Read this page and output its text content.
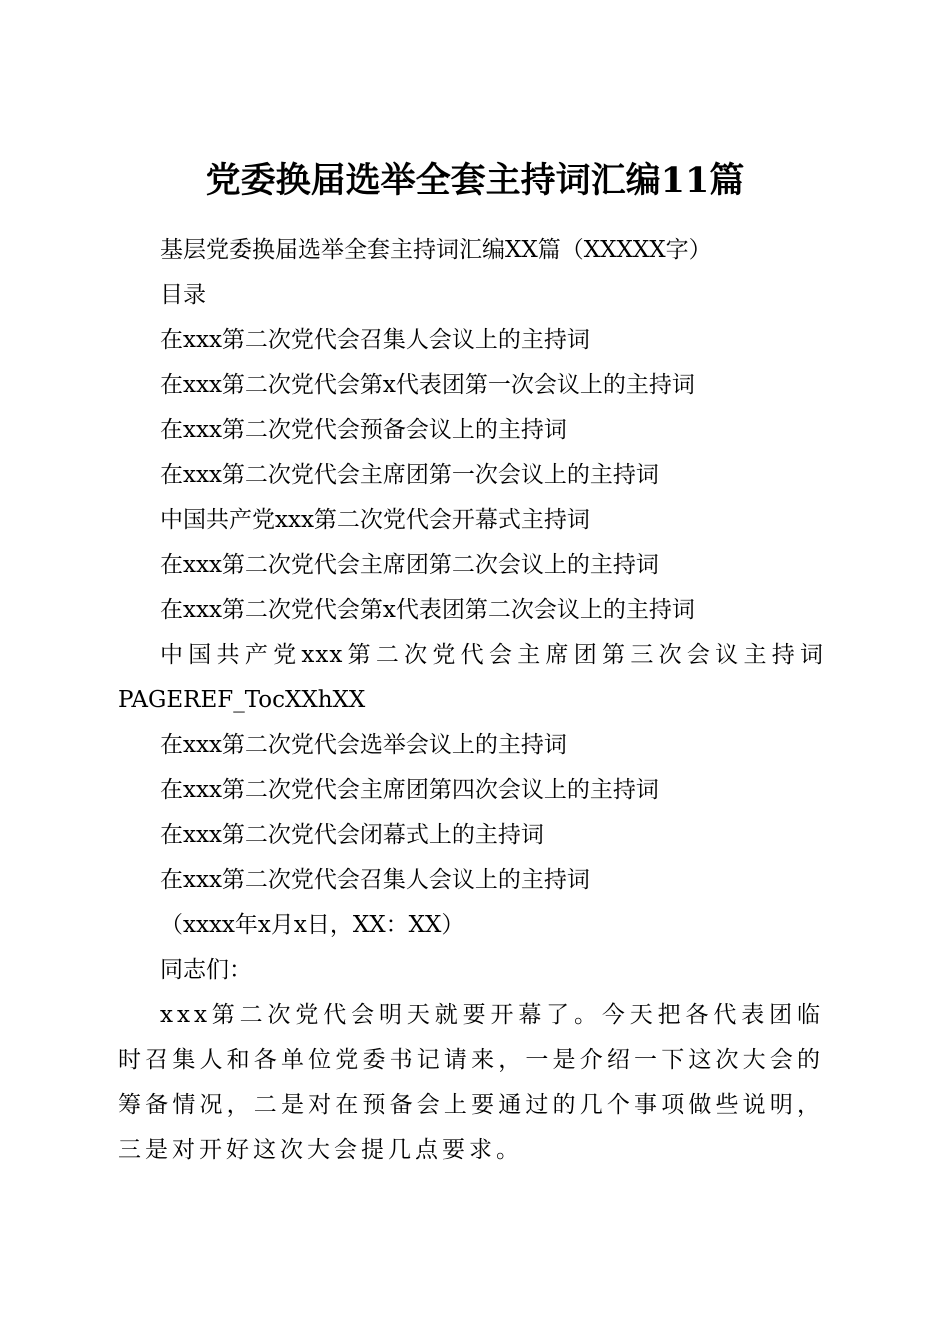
党委换届选举全套主持词汇编11篇

基层党委换届选举全套主持词汇编XX篇（XXXXX字）

目录

在xxx第二次党代会召集人会议上的主持词

在xxx第二次党代会第x代表团第一次会议上的主持词

在xxx第二次党代会预备会议上的主持词

在xxx第二次党代会主席团第一次会议上的主持词

中国共产党xxx第二次党代会开幕式主持词

在xxx第二次党代会主席团第二次会议上的主持词

在xxx第二次党代会第x代表团第二次会议上的主持词

中国共产党xxx第二次党代会主席团第三次会议主持词

PAGEREF_TocXXhXX

在xxx第二次党代会选举会议上的主持词

在xxx第二次党代会主席团第四次会议上的主持词

在xxx第二次党代会闭幕式上的主持词

在xxx第二次党代会召集人会议上的主持词

（xxxx年x月x日，XX：XX）

同志们：

xxx第二次党代会明天就要开幕了。今天把各代表团临时召集人和各单位党委书记请来，一是介绍一下这次大会的筹备情况，二是对在预备会上要通过的几个事项做些说明，三是对开好这次大会提几点要求。
